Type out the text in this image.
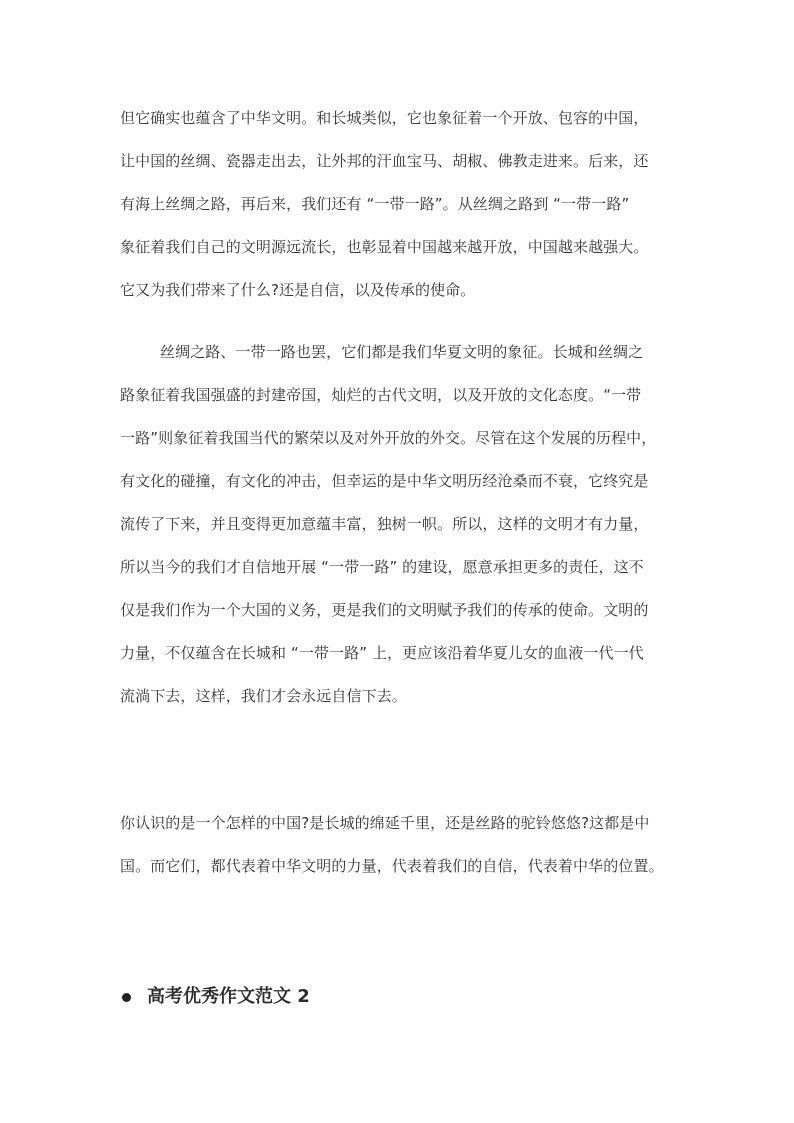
但它确实也蕴含了中华文明。和长城类似，它也象征着一个开放、包容的中国，
让中国的丝绸、瓷器走出去，让外邦的汗血宝马、胡椒、佛教走进来。后来，还
有海上丝绸之路，再后来，我们还有 “一带一路”。从丝绸之路到 “一带一路”
象征着我们自己的文明源远流长，也彰显着中国越来越开放，中国越来越强大。
它又为我们带来了什么?还是自信，以及传承的使命。
丝绸之路、一带一路也罢，它们都是我们华夏文明的象征。长城和丝绸之
路象征着我国强盛的封建帝国，灿烂的古代文明，以及开放的文化态度。“一带
一路”则象征着我国当代的繁荣以及对外开放的外交。尽管在这个发展的历程中，
有文化的碰撞，有文化的冲击，但幸运的是中华文明历经沧桑而不衰，它终究是
流传了下来，并且变得更加意蕴丰富，独树一帜。所以，这样的文明才有力量，
所以当今的我们才自信地开展 “一带一路” 的建设，愿意承担更多的责任，这不
仅是我们作为一个大国的义务，更是我们的文明赋予我们的传承的使命。文明的
力量，不仅蕴含在长城和 “一带一路” 上，更应该沿着华夏儿女的血液一代一代
流淌下去，这样，我们才会永远自信下去。
你认识的是一个怎样的中国?是长城的绵延千里，还是丝路的驼铃悠悠?这都是中
国。而它们，都代表着中华文明的力量，代表着我们的自信，代表着中华的位置。
高考优秀作文范文 2
